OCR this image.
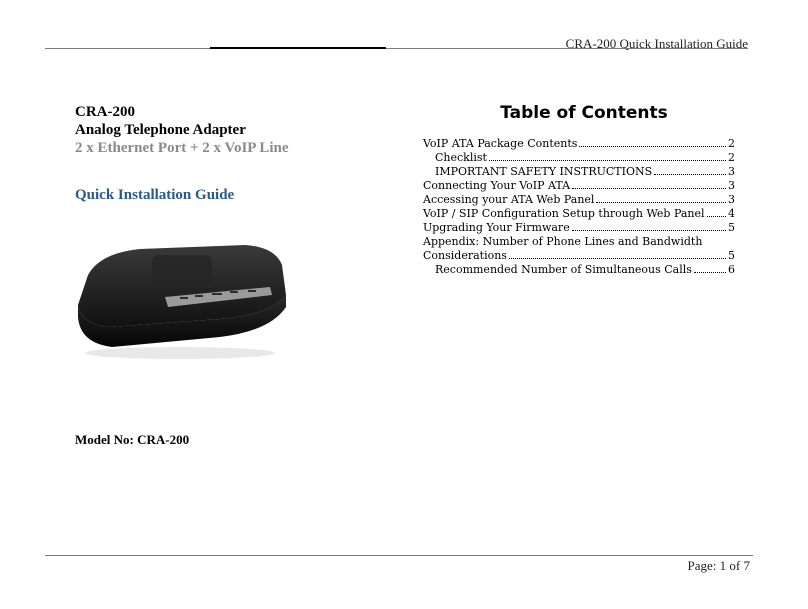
CRA-200 Quick Installation Guide
CRA-200
Analog Telephone Adapter
2 x Ethernet Port + 2 x VoIP Line
Quick Installation Guide
Model No: CRA-200
Table of Contents
VoIP ATA Package Contents	2
Checklist	2
IMPORTANT SAFETY INSTRUCTIONS	3
Connecting Your VoIP ATA	3
Accessing your ATA Web Panel	3
VoIP / SIP Configuration Setup through Web Panel 4
Upgrading Your Firmware	5
Appendix: Number of Phone Lines and Bandwidth
Considerations	5
Recommended Number of Simultaneous Calls	6
Page: 1 of 7
